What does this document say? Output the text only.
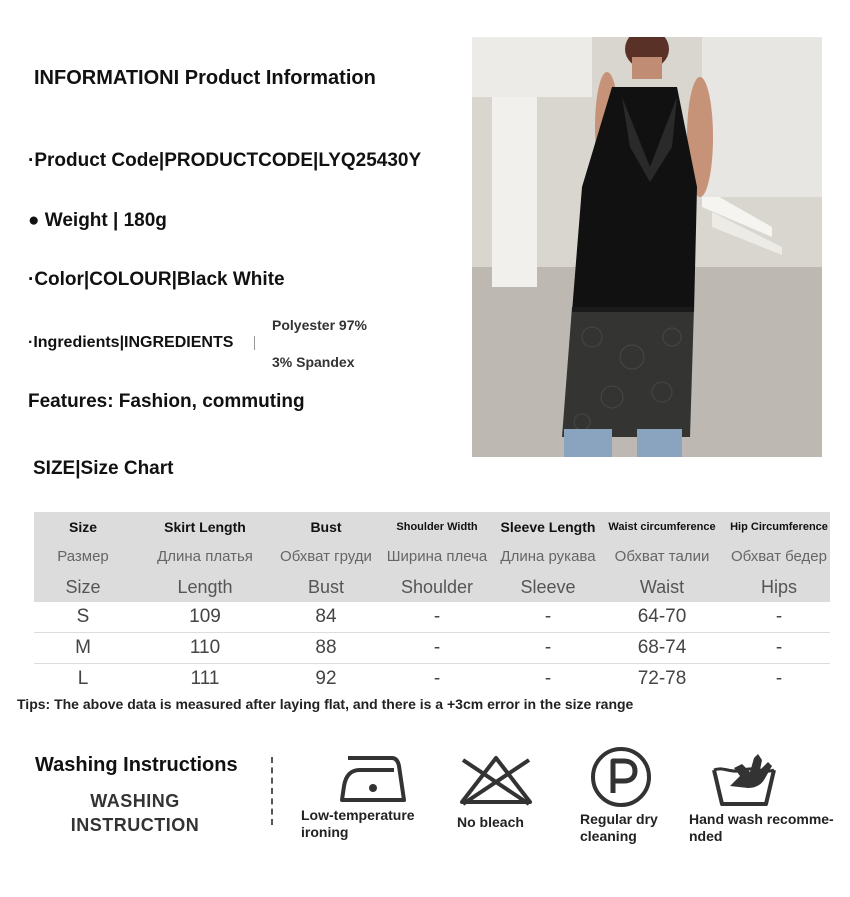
INFORMATIONI Product Information
·Product Code|PRODUCTCODE|LYQ25430Y
● Weight | 180g
·Color|COLOUR|Black White
·Ingredients|INGREDIENTS
Polyester 97%
3% Spandex
Features: Fashion, commuting
SIZE|Size Chart
Size	Skirt Length	Bust	Shoulder Width	Sleeve Length	Waist circumference	Hip Circumference
Размер	Длина платья	Обхват груди	Ширина плеча	Длина рукава	Обхват талии	Обхват бедер
Size	Length	Bust	Shoulder	Sleeve	Waist	Hips
S	109	84	-	-	64-70	-
M	110	88	-	-	68-74	-
L	111	92	-	-	72-78	-
Tips: The above data is measured after laying flat, and there is a +3cm error in the size range
Washing Instructions
WASHING
INSTRUCTION	Low-temperature
ironing
No bleach	Regular dry
cleaning
Hand wash recomme-
nded
